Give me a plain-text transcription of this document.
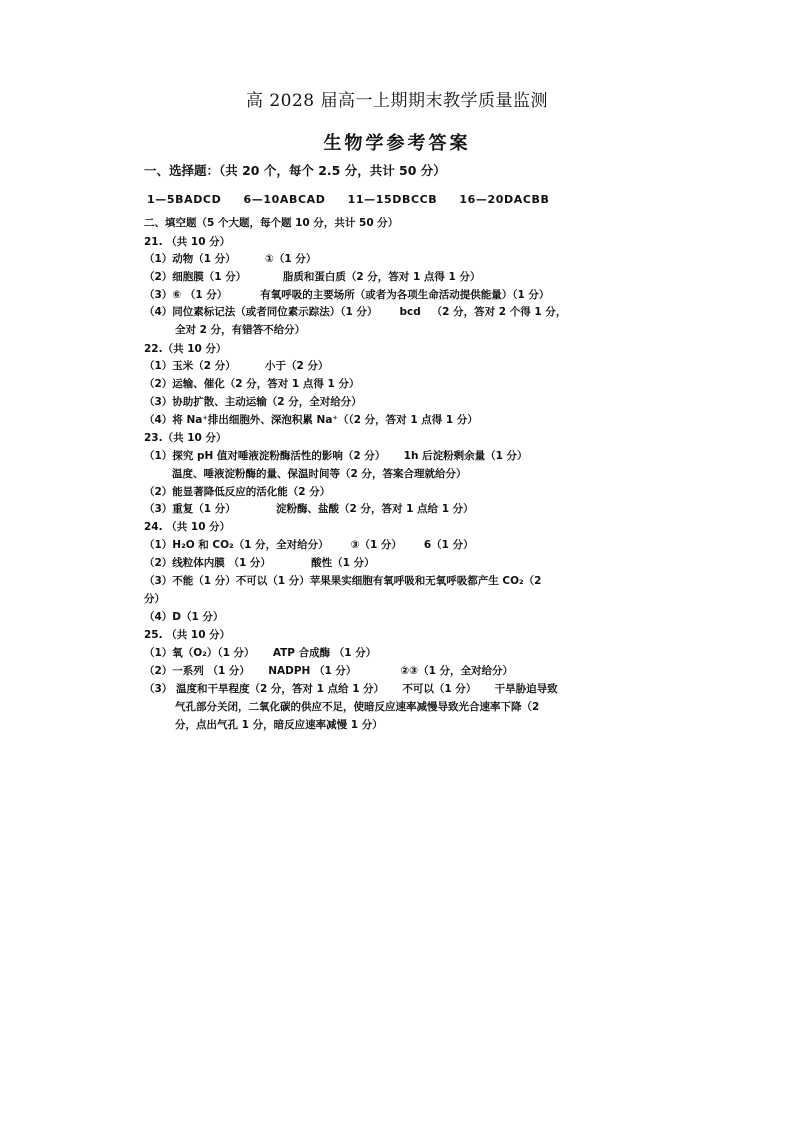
高 2028 届高一上期期末教学质量监测
生物学参考答案
一、选择题：（共 20 个，每个 2.5 分，共计 50 分）
1—5BADCD     6—10ABCAD     11—15DBCCB     16—20DACBB
二、填空题（5 个大题，每个题 10 分，共计 50 分）
21. （共 10 分）
（1）动物（1 分）        ①（1 分）
（2）细胞膜（1 分）          脂质和蛋白质（2 分，答对 1 点得 1 分）
（3）⑥ （1 分）         有氧呼吸的主要场所（或者为各项生命活动提供能量）（1 分）
（4）同位素标记法（或者同位素示踪法）（1 分）      bcd   （2 分，答对 2 个得 1 分，
全对 2 分，有错答不给分）
22.（共 10 分）
（1）玉米（2 分）        小于（2 分）
（2）运输、催化（2 分，答对 1 点得 1 分）
（3）协助扩散、主动运输（2 分，全对给分）
（4）将 Na⁺排出细胞外、深泡积累 Na⁺（（2 分，答对 1 点得 1 分）
23.（共 10 分）
（1）探究 pH 值对唾液淀粉酶活性的影响（2 分）     1h 后淀粉剩余量（1 分）
温度、唾液淀粉酶的量、保温时间等（2 分，答案合理就给分）
（2）能显著降低反应的活化能（2 分）
（3）重复（1 分）           淀粉酶、盐酸（2 分，答对 1 点给 1 分）
24. （共 10 分）
（1）H₂O 和 CO₂（1 分，全对给分）      ③（1 分）      6（1 分）
（2）线粒体内膜 （1 分）           酸性（1 分）
（3）不能（1 分）不可以（1 分）苹果果实细胞有氧呼吸和无氧呼吸都产生 CO₂（2
分）
（4）D（1 分）
25. （共 10 分）
（1）氧（O₂）（1 分）     ATP 合成酶 （1 分）
（2）一系列 （1 分）     NADPH （1 分）            ②③（1 分，全对给分）
（3） 温度和干旱程度（2 分，答对 1 点给 1 分）     不可以（1 分）     干旱胁迫导致
气孔部分关闭，二氧化碳的供应不足，使暗反应速率减慢导致光合速率下降（2
分，点出气孔 1 分，暗反应速率减慢 1 分）
